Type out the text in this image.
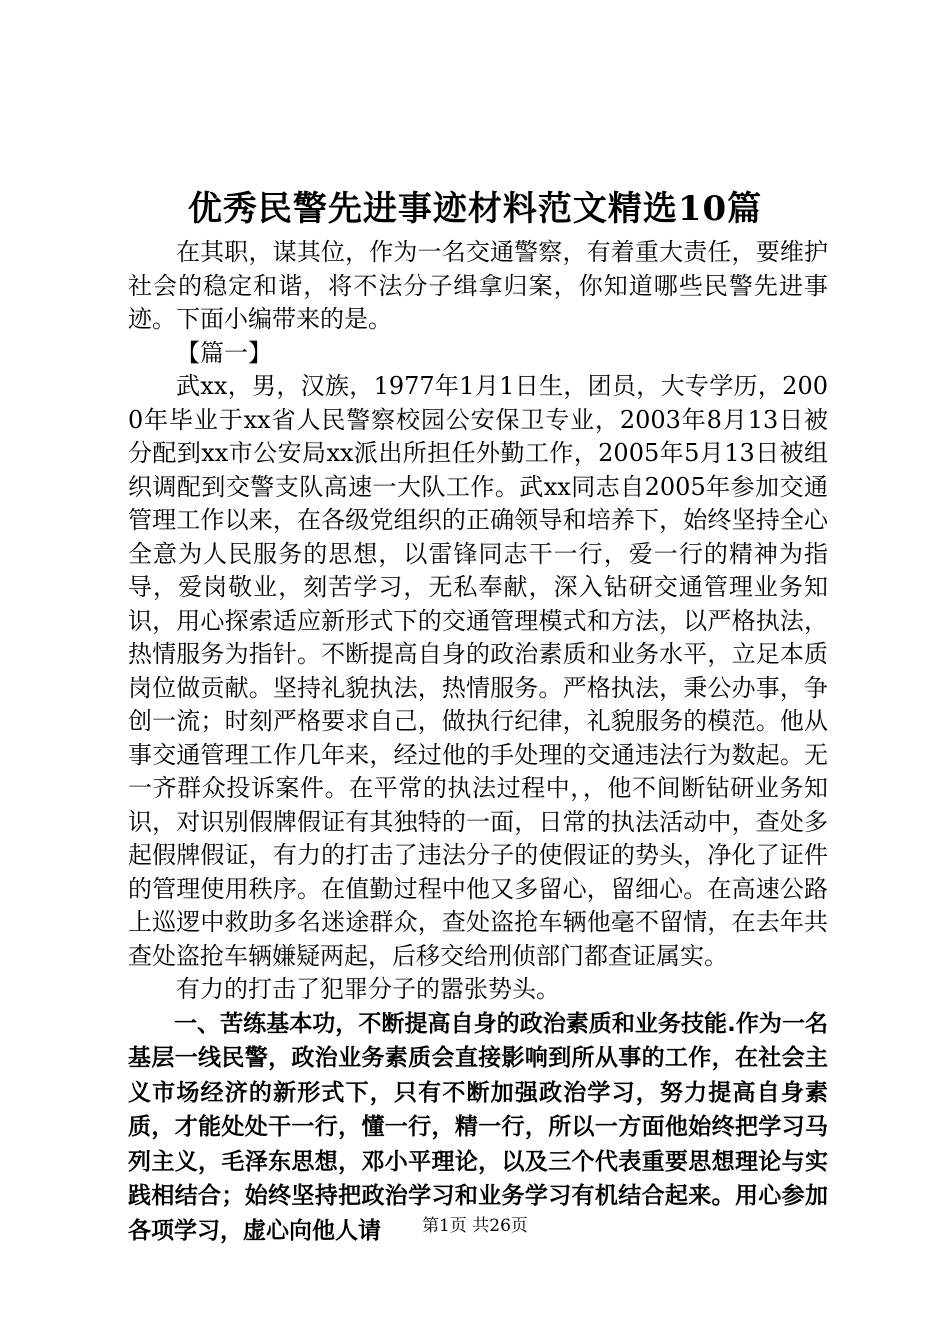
优秀民警先进事迹材料范文精选10篇

在其职，谋其位，作为一名交通警察，有着重大责任，要维护社会的稳定和谐，将不法分子缉拿归案，你知道哪些民警先进事迹。下面小编带来的是。

【篇一】

武xx，男，汉族，1977年1月1日生，团员，大专学历，2000年毕业于xx省人民警察校园公安保卫专业，2003年8月13日被分配到xx市公安局xx派出所担任外勤工作，2005年5月13日被组织调配到交警支队高速一大队工作。武xx同志自2005年参加交通管理工作以来，在各级党组织的正确领导和培养下，始终坚持全心全意为人民服务的思想，以雷锋同志干一行，爱一行的精神为指导，爱岗敬业，刻苦学习，无私奉献，深入钻研交通管理业务知识，用心探索适应新形式下的交通管理模式和方法，以严格执法，热情服务为指针。不断提高自身的政治素质和业务水平，立足本质岗位做贡献。坚持礼貌执法，热情服务。严格执法，秉公办事，争创一流；时刻严格要求自己，做执行纪律，礼貌服务的模范。他从事交通管理工作几年来，经过他的手处理的交通违法行为数起。无一齐群众投诉案件。在平常的执法过程中，，他不间断钻研业务知识，对识别假牌假证有其独特的一面，日常的执法活动中，查处多起假牌假证，有力的打击了违法分子的使假证的势头，净化了证件的管理使用秩序。在值勤过程中他又多留心，留细心。在高速公路上巡逻中救助多名迷途群众，查处盗抢车辆他毫不留情，在去年共查处盗抢车辆嫌疑两起，后移交给刑侦部门都查证属实。

有力的打击了犯罪分子的嚣张势头。

一、苦练基本功，不断提高自身的政治素质和业务技能.作为一名基层一线民警，政治业务素质会直接影响到所从事的工作，在社会主义市场经济的新形式下，只有不断加强政治学习，努力提高自身素质，才能处处干一行，懂一行，精一行，所以一方面他始终把学习马列主义，毛泽东思想，邓小平理论，以及三个代表重要思想理论与实践相结合；始终坚持把政治学习和业务学习有机结合起来。用心参加各项学习，虚心向他人请	第1页 共26页
